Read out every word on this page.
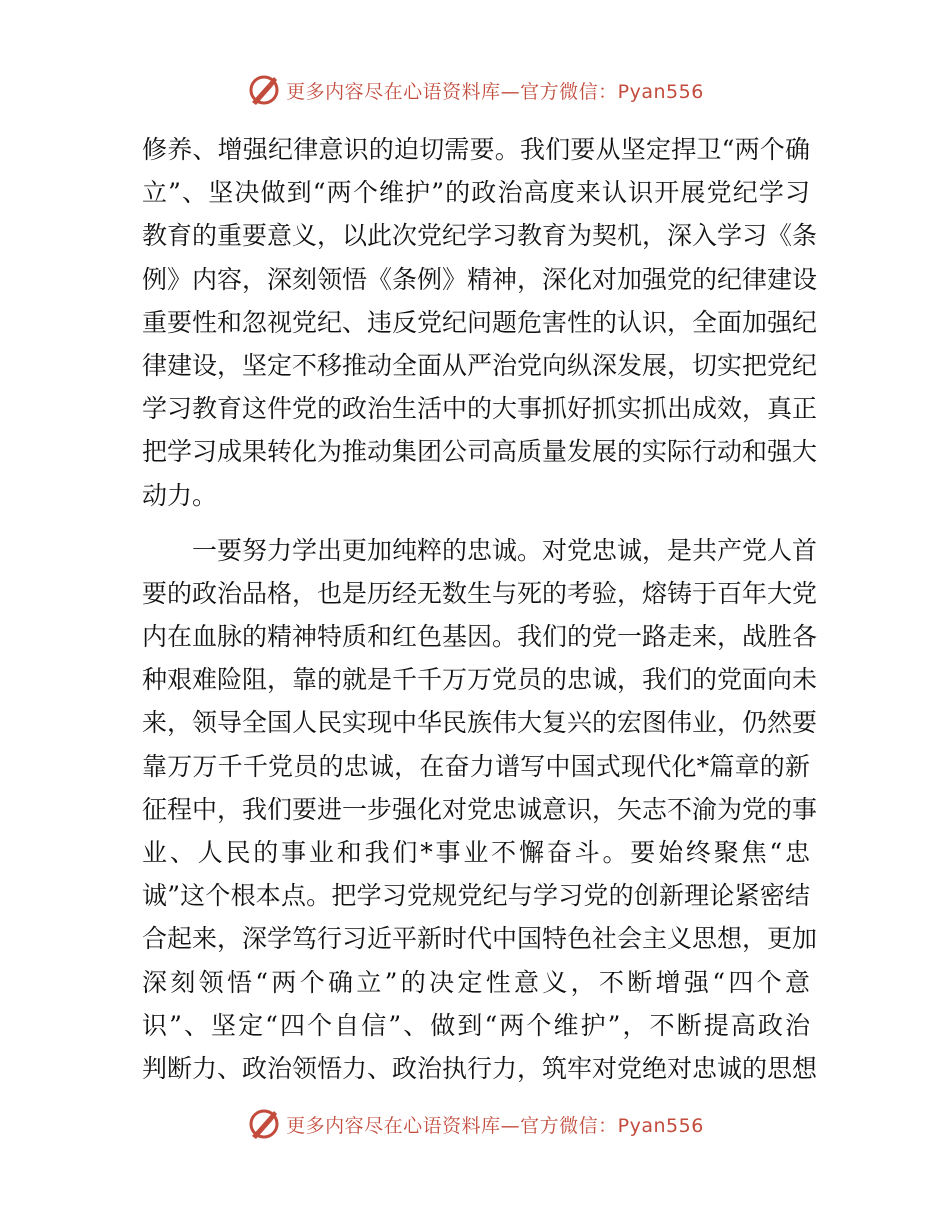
更多内容尽在心语资料库—官方微信：Pyan556
修养、增强纪律意识的迫切需要。我们要从坚定捍卫“两个确
立”、坚决做到“两个维护”的政治高度来认识开展党纪学习
教育的重要意义，以此次党纪学习教育为契机，深入学习《条
例》内容，深刻领悟《条例》精神，深化对加强党的纪律建设
重要性和忽视党纪、违反党纪问题危害性的认识，全面加强纪
律建设，坚定不移推动全面从严治党向纵深发展，切实把党纪
学习教育这件党的政治生活中的大事抓好抓实抓出成效，真正
把学习成果转化为推动集团公司高质量发展的实际行动和强大
动力。
一要努力学出更加纯粹的忠诚。对党忠诚，是共产党人首
要的政治品格，也是历经无数生与死的考验，熔铸于百年大党
内在血脉的精神特质和红色基因。我们的党一路走来，战胜各
种艰难险阻，靠的就是千千万万党员的忠诚，我们的党面向未
来，领导全国人民实现中华民族伟大复兴的宏图伟业，仍然要
靠万万千千党员的忠诚，在奋力谱写中国式现代化*篇章的新
征程中，我们要进一步强化对党忠诚意识，矢志不渝为党的事
业、人民的事业和我们*事业不懈奋斗。要始终聚焦“忠
诚”这个根本点。把学习党规党纪与学习党的创新理论紧密结
合起来，深学笃行习近平新时代中国特色社会主义思想，更加
深刻领悟“两个确立”的决定性意义，不断增强“四个意
识”、坚定“四个自信”、做到“两个维护”，不断提高政治
判断力、政治领悟力、政治执行力，筑牢对党绝对忠诚的思想
更多内容尽在心语资料库—官方微信：Pyan556
